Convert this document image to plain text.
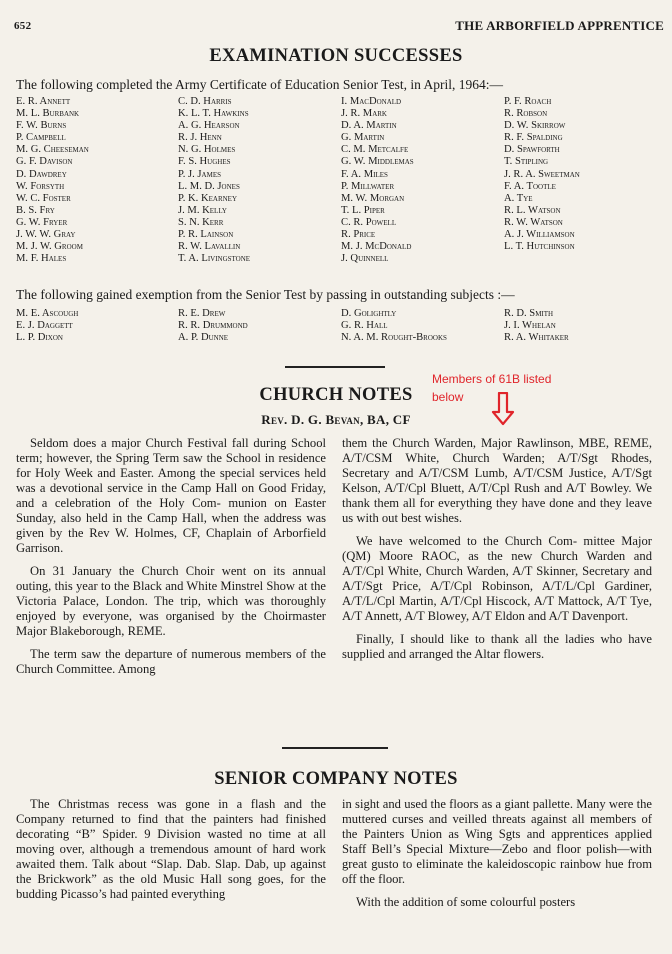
652	THE ARBORFIELD APPRENTICE
EXAMINATION SUCCESSES
The following completed the Army Certificate of Education Senior Test, in April, 1964:—
E. R. Annett
M. L. Burbank
F. W. Burns
P. Campbell
M. G. Cheeseman
G. F. Davison
D. Dawdrey
W. Forsyth
W. C. Foster
B. S. Fry
G. W. Fryer
J. W. W. Gray
M. J. W. Groom
M. F. Hales
C. D. Harris
K. L. T. Hawkins
A. G. Hearson
R. J. Henn
N. G. Holmes
F. S. Hughes
P. J. James
L. M. D. Jones
P. K. Kearney
J. M. Kelly
S. N. Kerr
P. R. Lainson
R. W. Lavallin
T. A. Livingstone
I. MacDonald
J. R. Mark
D. A. Martin
G. Martin
C. M. Metcalfe
G. W. Middlemas
F. A. Miles
P. Millwater
M. W. Morgan
T. L. Piper
C. R. Powell
R. Price
M. J. McDonald
J. Quinnell
P. F. Roach
R. Robson
D. W. Skirrow
R. F. Spalding
D. Spawforth
T. Stipling
J. R. A. Sweetman
F. A. Tootle
A. Tye
R. L. Watson
R. W. Watson
A. J. Williamson
L. T. Hutchinson
The following gained exemption from the Senior Test by passing in outstanding subjects :—
M. E. Ascough
E. J. Daggett
L. P. Dixon
R. E. Drew
R. R. Drummond
A. P. Dunne
D. Golightly
G. R. Hall
N. A. M. Rought-Brooks
R. D. Smith
J. I. Whelan
R. A. Whitaker
CHURCH NOTES
Rev. D. G. Bevan, BA, CF
Members of 61B listed
below

Seldom does a major Church Festival fall during School term; however, the Spring Term saw the School in residence for Holy Week and Easter. Among the special services held was a devotional service in the Camp Hall on Good Friday, and a celebration of the Holy Com- munion on Easter Sunday, also held in the Camp Hall, when the address was given by the Rev W. Holmes, CF, Chaplain of Arborfield Garrison.

On 31 January the Church Choir went on its annual outing, this year to the Black and White Minstrel Show at the Victoria Palace, London. The trip, which was thoroughly enjoyed by everyone, was organised by the Choirmaster Major Blakeborough, REME.

The term saw the departure of numerous members of the Church Committee. Among

them the Church Warden, Major Rawlinson, MBE, REME, A/T/CSM White, Church Warden; A/T/Sgt Rhodes, Secretary and A/T/CSM Lumb, A/T/CSM Justice, A/T/Sgt Kelson, A/T/Cpl Bluett, A/T/Cpl Rush and A/T Bowley. We thank them all for everything they have done and they leave us with out best wishes.

We have welcomed to the Church Com- mittee Major (QM) Moore RAOC, as the new Church Warden and A/T/Cpl White, Church Warden, A/T Skinner, Secretary and A/T/Sgt Price, A/T/Cpl Robinson, A/T/L/Cpl Gardiner, A/T/L/Cpl Martin, A/T/Cpl Hiscock, A/T Mattock, A/T Tye, A/T Annett, A/T Blowey, A/T Eldon and A/T Davenport.

Finally, I should like to thank all the ladies who have supplied and arranged the Altar flowers.

SENIOR COMPANY NOTES

The Christmas recess was gone in a flash and the Company returned to find that the painters had finished decorating “B” Spider. 9 Division wasted no time at all moving over, although a tremendous amount of hard work awaited them. Talk about “Slap. Dab. Slap. Dab, up against the Brickwork” as the old Music Hall song goes, for the budding Picasso’s had painted everything

in sight and used the floors as a giant pallette. Many were the muttered curses and veilled threats against all members of the Painters Union as Wing Sgts and apprentices applied Staff Bell’s Special Mixture—Zebo and floor polish—with great gusto to eliminate the kaleidoscopic rainbow hue from off the floor.

With the addition of some colourful posters
